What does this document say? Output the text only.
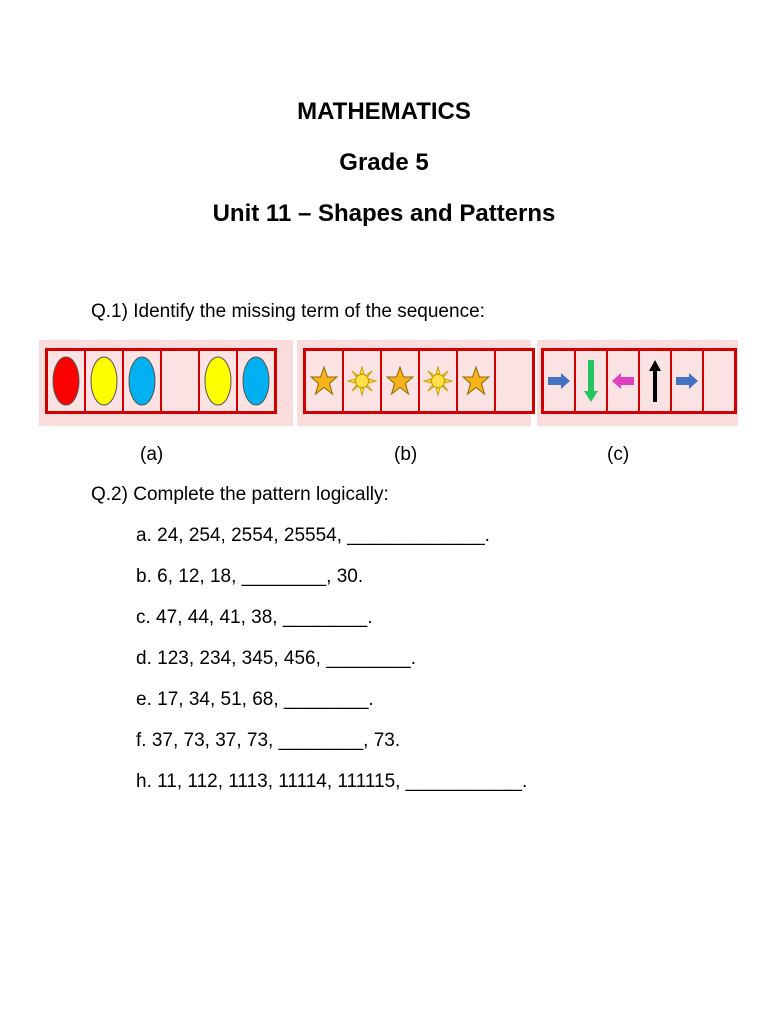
MATHEMATICS
Grade 5
Unit 11 – Shapes and Patterns
Q.1) Identify the missing term of the sequence:
(a)	(b)	(c)
Q.2) Complete the pattern logically:
a. 24, 254, 2554, 25554, _____________.
b. 6, 12, 18, ________, 30.
c. 47, 44, 41, 38, ________.
d. 123, 234, 345, 456, ________.
e. 17, 34, 51, 68, ________.
f. 37, 73, 37, 73, ________, 73.
h. 11, 112, 1113, 11114, 111115, ___________.
